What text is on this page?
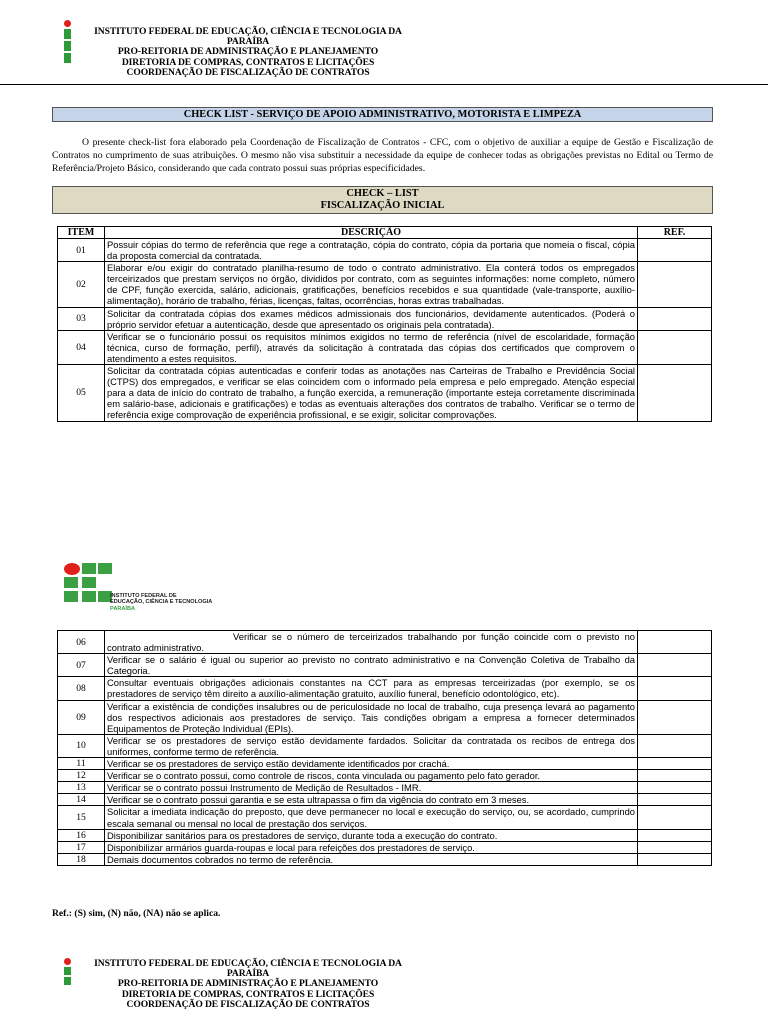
INSTITUTO FEDERAL DE EDUCAÇÃO, CIÊNCIA E TECNOLOGIA DA PARAÍBA
PRO-REITORIA DE ADMINISTRAÇÃO E PLANEJAMENTO
DIRETORIA DE COMPRAS, CONTRATOS E LICITAÇÕES
COORDENAÇÃO DE FISCALIZAÇÃO DE CONTRATOS
CHECK LIST - SERVIÇO DE APOIO ADMINISTRATIVO, MOTORISTA E LIMPEZA
O presente check-list fora elaborado pela Coordenação de Fiscalização de Contratos - CFC, com o objetivo de auxiliar a equipe de Gestão e Fiscalização de Contratos no cumprimento de suas atribuições. O mesmo não visa substituir a necessidade da equipe de conhecer todas as obrigações previstas no Edital ou Termo de Referência/Projeto Básico, considerando que cada contrato possui suas próprias especificidades.
CHECK – LIST
FISCALIZAÇÃO INICIAL
ITEM	DESCRIÇÃO	REF.
01	Possuir cópias do termo de referência que rege a contratação, cópia do contrato, cópia da portaria que nomeia o fiscal, cópia da proposta comercial da contratada.	
02	Elaborar e/ou exigir do contratado planilha-resumo de todo o contrato administrativo. Ela conterá todos os empregados terceirizados que prestam serviços no órgão, divididos por contrato, com as seguintes informações: nome completo, número de CPF, função exercida, salário, adicionais, gratificações, benefícios recebidos e sua quantidade (vale-transporte, auxílio-alimentação), horário de trabalho, férias, licenças, faltas, ocorrências, horas extras trabalhadas.	
03	Solicitar da contratada cópias dos exames médicos admissionais dos funcionários, devidamente autenticados. (Poderá o próprio servidor efetuar a autenticação, desde que apresentado os originais pela contratada).	
04	Verificar se o funcionário possui os requisitos mínimos exigidos no termo de referência (nível de escolaridade, formação técnica, curso de formação, perfil), através da solicitação à contratada das cópias dos certificados que comprovem o atendimento a estes requisitos.	
05	Solicitar da contratada cópias autenticadas e conferir todas as anotações nas Carteiras de Trabalho e Previdência Social (CTPS) dos empregados, e verificar se elas coincidem com o informado pela empresa e pelo empregado. Atenção especial para a data de início do contrato de trabalho, a função exercida, a remuneração (importante esteja corretamente discriminada em salário-base, adicionais e gratificações) e todas as eventuais alterações dos contratos de trabalho. Verificar se o termo de referência exige comprovação de experiência profissional, e se exigir, solicitar comprovações.	
INSTITUTO FEDERAL DE
EDUCAÇÃO, CIÊNCIA E TECNOLOGIA
PARAÍBA
06	Verificar se o número de terceirizados trabalhando por função coincide com o previsto no contrato administrativo.	
07	Verificar se o salário é igual ou superior ao previsto no contrato administrativo e na Convenção Coletiva de Trabalho da Categoria.	
08	Consultar eventuais obrigações adicionais constantes na CCT para as empresas terceirizadas (por exemplo, se os prestadores de serviço têm direito a auxílio-alimentação gratuito, auxílio funeral, benefício odontológico, etc).	
09	Verificar a existência de condições insalubres ou de periculosidade no local de trabalho, cuja presença levará ao pagamento dos respectivos adicionais aos prestadores de serviço. Tais condições obrigam a empresa a fornecer determinados Equipamentos de Proteção Individual (EPIs).	
10	Verificar se os prestadores de serviço estão devidamente fardados. Solicitar da contratada os recibos de entrega dos uniformes, conforme termo de referência.	
11	Verificar se os prestadores de serviço estão devidamente identificados por crachá.	
12	Verificar se o contrato possui, como controle de riscos, conta vinculada ou pagamento pelo fato gerador.	
13	Verificar se o contrato possui Instrumento de Medição de Resultados - IMR.	
14	Verificar se o contrato possui garantia e se esta ultrapassa o fim da vigência do contrato em 3 meses.	
15	Solicitar a imediata indicação do preposto, que deve permanecer no local e execução do serviço, ou, se acordado, cumprindo escala semanal ou mensal no local de prestação dos serviços.	
16	Disponibilizar sanitários para os prestadores de serviço, durante toda a execução do contrato.	
17	Disponibilizar armários guarda-roupas e local para refeições dos prestadores de serviço.	
18	Demais documentos cobrados no termo de referência.	
Ref.: (S) sim, (N) não, (NA) não se aplica.
INSTITUTO FEDERAL DE EDUCAÇÃO, CIÊNCIA E TECNOLOGIA DA PARAÍBA
PRO-REITORIA DE ADMINISTRAÇÃO E PLANEJAMENTO
DIRETORIA DE COMPRAS, CONTRATOS E LICITAÇÕES
COORDENAÇÃO DE FISCALIZAÇÃO DE CONTRATOS
